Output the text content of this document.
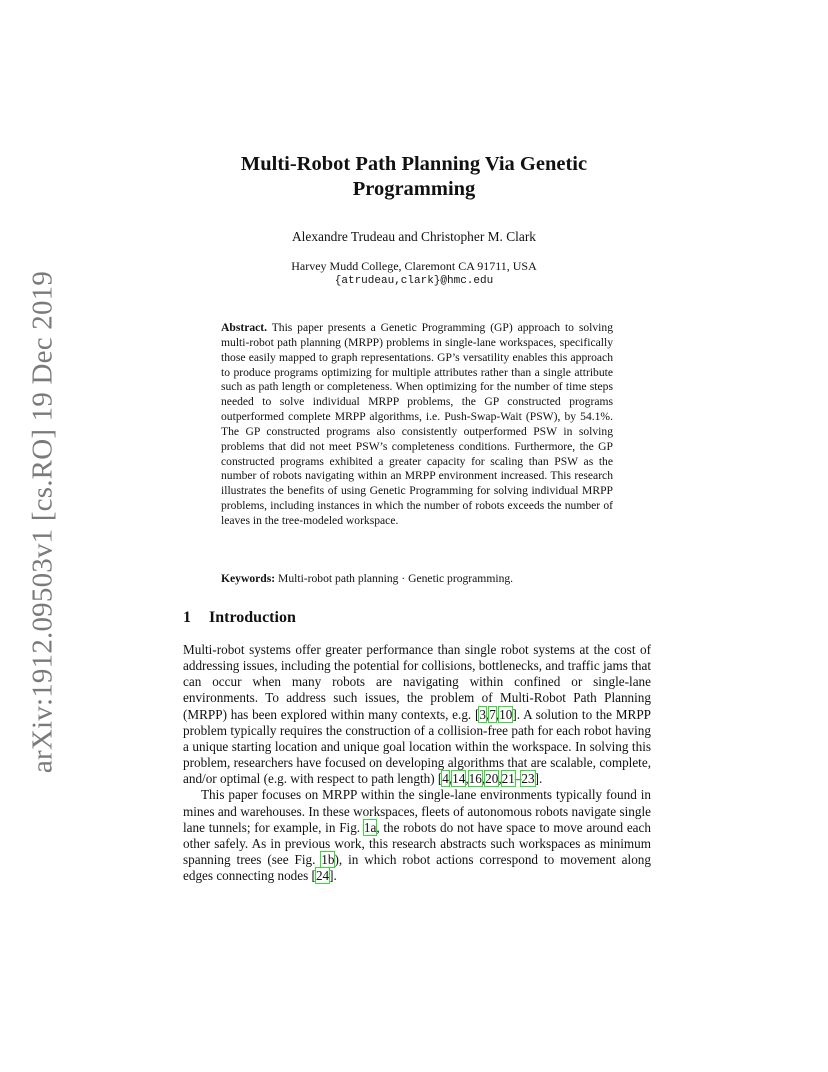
arXiv:1912.09503v1 [cs.RO] 19 Dec 2019
Multi-Robot Path Planning Via Genetic
Programming
Alexandre Trudeau and Christopher M. Clark
Harvey Mudd College, Claremont CA 91711, USA
{atrudeau,clark}@hmc.edu
Abstract. This paper presents a Genetic Programming (GP) approach to solving multi-robot path planning (MRPP) problems in single-lane workspaces, specifically those easily mapped to graph representations. GP’s versatility enables this approach to produce programs optimizing for multiple attributes rather than a single attribute such as path length or completeness. When optimizing for the number of time steps needed to solve individual MRPP problems, the GP constructed programs outperformed complete MRPP algorithms, i.e. Push-Swap-Wait (PSW), by 54.1%. The GP constructed programs also consistently outperformed PSW in solving problems that did not meet PSW’s completeness conditions. Furthermore, the GP constructed programs exhibited a greater capacity for scaling than PSW as the number of robots navigating within an MRPP environment increased. This research illustrates the benefits of using Genetic Programming for solving individual MRPP problems, including instances in which the number of robots exceeds the number of leaves in the tree-modeled workspace.
Keywords: Multi-robot path planning · Genetic programming.
1 Introduction

Multi-robot systems offer greater performance than single robot systems at the cost of addressing issues, including the potential for collisions, bottlenecks, and traffic jams that can occur when many robots are navigating within confined or single-lane environments. To address such issues, the problem of Multi-Robot Path Planning (MRPP) has been explored within many contexts, e.g. [3,7,10]. A solution to the MRPP problem typically requires the construction of a collision-free path for each robot having a unique starting location and unique goal location within the workspace. In solving this problem, researchers have focused on developing algorithms that are scalable, complete, and/or optimal (e.g. with respect to path length) [4,14,16,20,21–23].

This paper focuses on MRPP within the single-lane environments typically found in mines and warehouses. In these workspaces, fleets of autonomous robots navigate single lane tunnels; for example, in Fig. 1a, the robots do not have space to move around each other safely. As in previous work, this research abstracts such workspaces as minimum spanning trees (see Fig. 1b), in which robot actions correspond to movement along edges connecting nodes [24].
